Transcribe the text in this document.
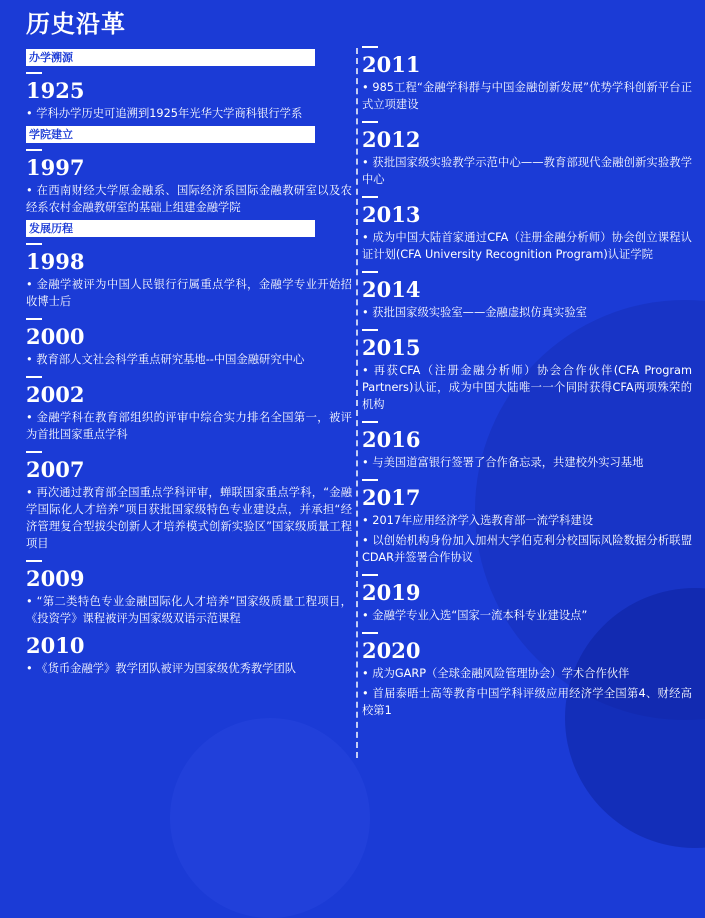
历史沿革
办学溯源
1925
• 学科办学历史可追溯到1925年光华大学商科银行学系
学院建立
1997
• 在西南财经大学原金融系、国际经济系国际金融教研室以及农经系农村金融教研室的基础上组建金融学院
发展历程
1998
• 金融学被评为中国人民银行行属重点学科，金融学专业开始招收博士后
2000
• 教育部人文社会科学重点研究基地--中国金融研究中心
2002
• 金融学科在教育部组织的评审中综合实力排名全国第一，被评为首批国家重点学科
2007
• 再次通过教育部全国重点学科评审，蝉联国家重点学科，“金融学国际化人才培养”项目获批国家级特色专业建设点，并承担“经济管理复合型拔尖创新人才培养模式创新实验区”国家级质量工程项目
2009
• “第二类特色专业金融国际化人才培养”国家级质量工程项目，《投资学》课程被评为国家级双语示范课程
2010
• 《货币金融学》教学团队被评为国家级优秀教学团队
2011
• 985工程“金融学科群与中国金融创新发展”优势学科创新平台正式立项建设
2012
• 获批国家级实验教学示范中心——教育部现代金融创新实验教学中心
2013
• 成为中国大陆首家通过CFA（注册金融分析师）协会创立课程认证计划(CFA University Recognition Program)认证学院
2014
• 获批国家级实验室——金融虚拟仿真实验室
2015
• 再获CFA（注册金融分析师）协会合作伙伴(CFA Program Partners)认证，成为中国大陆唯一一个同时获得CFA两项殊荣的机构
2016
• 与美国道富银行签署了合作备忘录，共建校外实习基地
2017
• 2017年应用经济学入选教育部一流学科建设
• 以创始机构身份加入加州大学伯克利分校国际风险数据分析联盟CDAR并签署合作协议
2019
• 金融学专业入选“国家一流本科专业建设点”
2020
• 成为GARP（全球金融风险管理协会）学术合作伙伴
• 首届泰晤士高等教育中国学科评级应用经济学全国第4、财经高校第1
